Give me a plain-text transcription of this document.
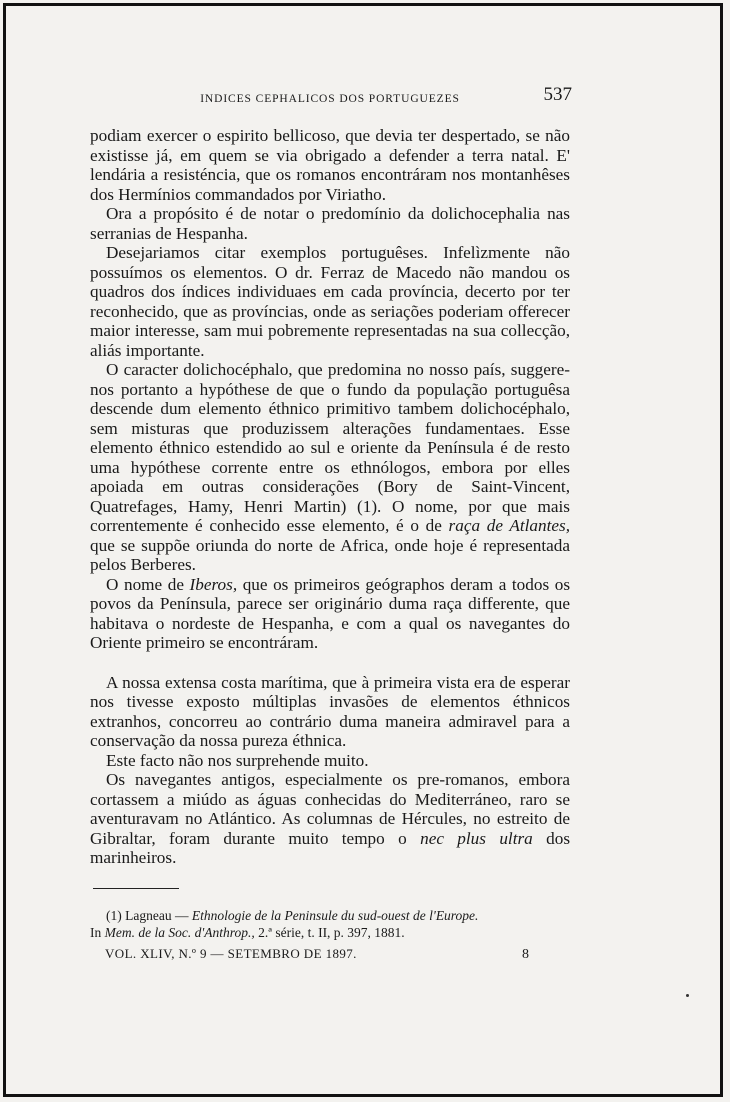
INDICES CEPHALICOS DOS PORTUGUEZES	537

podiam exercer o espirito bellicoso, que devia ter despertado, se não existisse já, em quem se via obrigado a defender a terra natal. E' lendária a resisténcia, que os romanos encontráram nos montanhêses dos Hermínios commandados por Viriatho.

Ora a propósito é de notar o predomínio da dolichocephalia nas serranias de Hespanha.

Desejariamos citar exemplos portuguêses. Infelìzmente não possuímos os elementos. O dr. Ferraz de Macedo não mandou os quadros dos índices individuaes em cada província, decerto por ter reconhecido, que as províncias, onde as seriações poderiam offerecer maior interesse, sam mui pobremente representadas na sua collecção, aliás importante.

O caracter dolichocéphalo, que predomina no nosso país, suggere-nos portanto a hypóthese de que o fundo da população portuguêsa descende dum elemento éthnico primitivo tambem dolichocéphalo, sem misturas que produzissem alterações fundamentaes. Esse elemento éthnico estendido ao sul e oriente da Península é de resto uma hypóthese corrente entre os ethnólogos, embora por elles apoiada em outras considerações (Bory de Saint-Vincent, Quatrefages, Hamy, Henri Martin) (1). O nome, por que mais correntemente é conhecido esse elemento, é o de raça de Atlantes, que se suppõe oriunda do norte de Africa, onde hoje é representada pelos Berberes.

O nome de Iberos, que os primeiros geógraphos deram a todos os povos da Península, parece ser originário duma raça differente, que habitava o nordeste de Hespanha, e com a qual os navegantes do Oriente primeiro se encontráram.

A nossa extensa costa marítima, que à primeira vista era de esperar nos tivesse exposto múltiplas invasões de elementos éthnicos extranhos, concorreu ao contrário duma maneira admiravel para a conservação da nossa pureza éthnica.

Este facto não nos surprehende muito.

Os navegantes antigos, especialmente os pre-romanos, embora cortassem a miúdo as águas conhecidas do Mediterráneo, raro se aventuravam no Atlántico. As columnas de Hércules, no estreito de Gibraltar, foram durante muito tempo o nec plus ultra dos marinheiros.

(1) Lagneau — Ethnologie de la Peninsule du sud-ouest de l'Europe.
In Mem. de la Soc. d'Anthrop., 2.ª série, t. II, p. 397, 1881.
VOL. XLIV, N.º 9 — SETEMBRO DE 1897.	8
